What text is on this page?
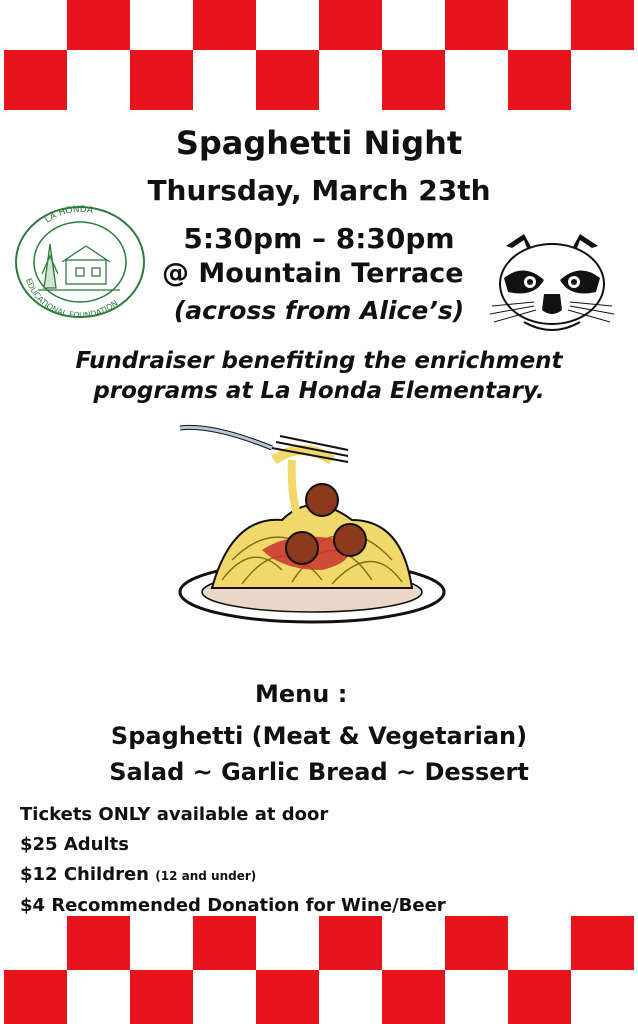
Spaghetti Night
Thursday, March 23th
5:30pm – 8:30pm
@ Mountain Terrace
(across from Alice’s)
Fundraiser benefiting the enrichment
programs at La Honda Elementary.
LA HONDA
EDUCATIONAL FOUNDATION
Menu :
Spaghetti (Meat & Vegetarian)
Salad ~ Garlic Bread ~ Dessert
Tickets ONLY available at door
$25 Adults
$12 Children (12 and under)
$4 Recommended Donation for Wine/Beer
